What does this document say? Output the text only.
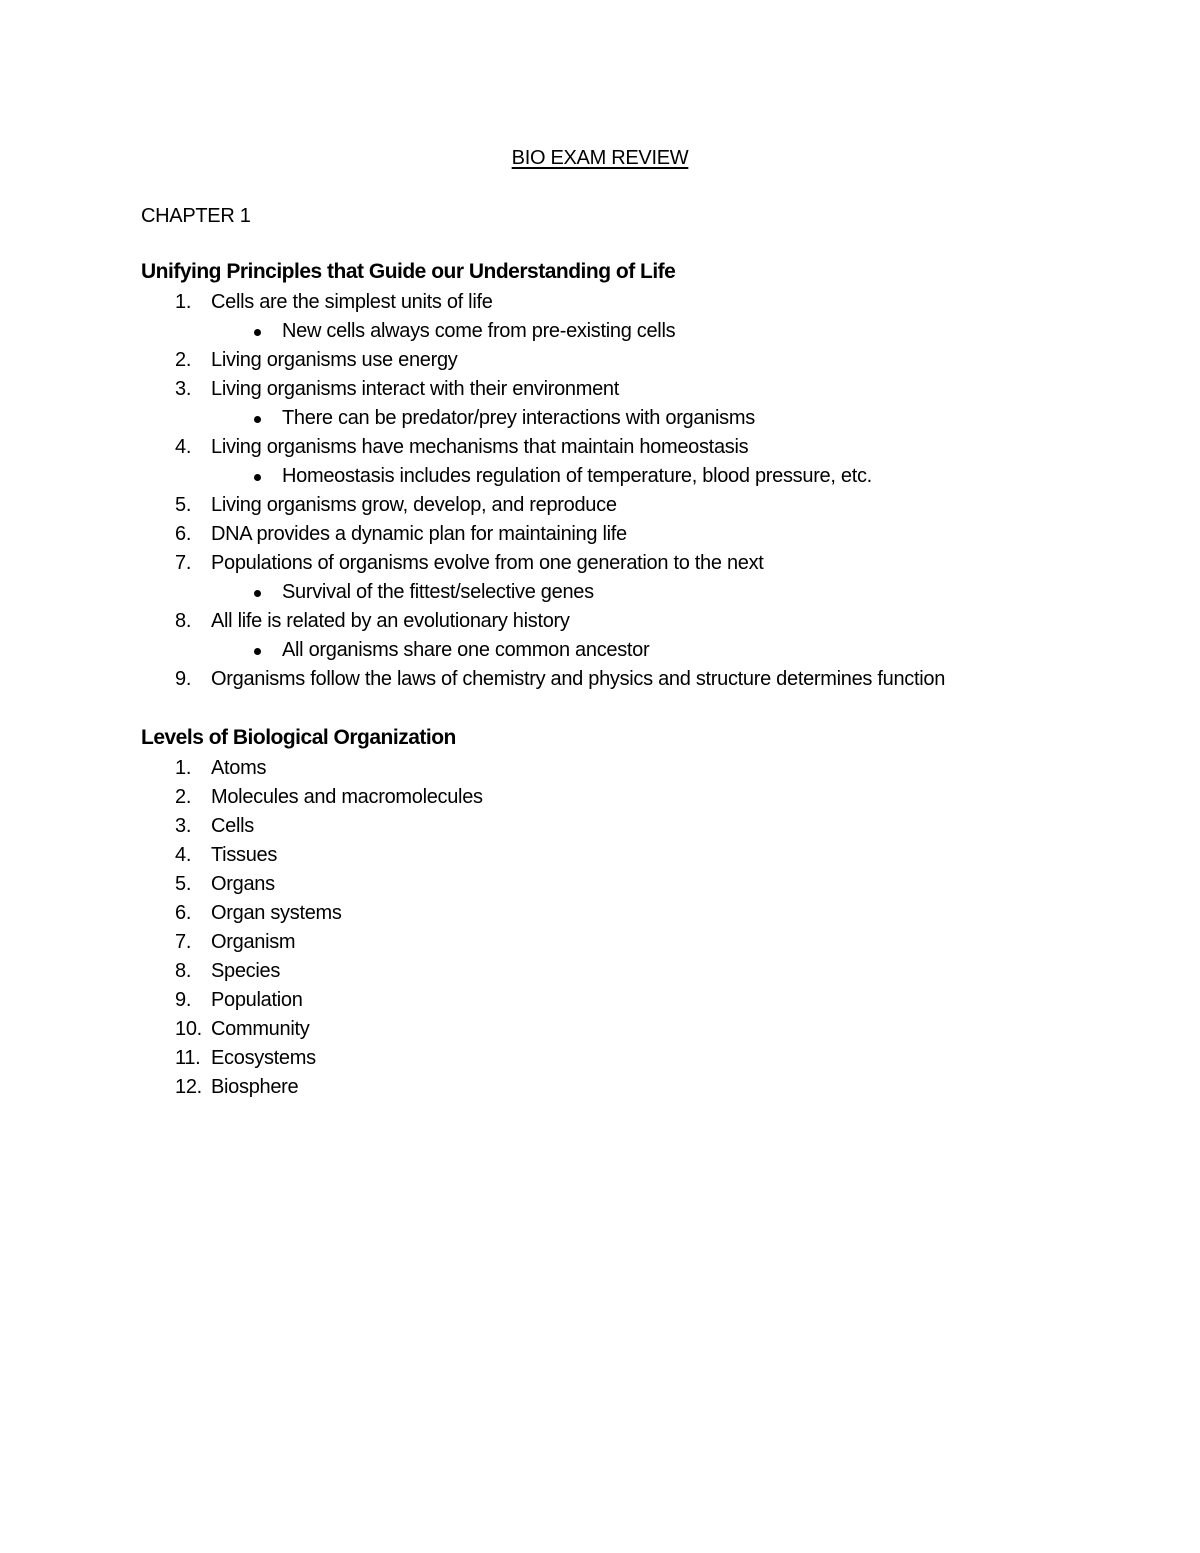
BIO EXAM REVIEW
CHAPTER 1
Unifying Principles that Guide our Understanding of Life
1. Cells are the simplest units of life
New cells always come from pre-existing cells
2. Living organisms use energy
3. Living organisms interact with their environment
There can be predator/prey interactions with organisms
4. Living organisms have mechanisms that maintain homeostasis
Homeostasis includes regulation of temperature, blood pressure, etc.
5. Living organisms grow, develop, and reproduce
6. DNA provides a dynamic plan for maintaining life
7. Populations of organisms evolve from one generation to the next
Survival of the fittest/selective genes
8. All life is related by an evolutionary history
All organisms share one common ancestor
9. Organisms follow the laws of chemistry and physics and structure determines function
Levels of Biological Organization
1. Atoms
2. Molecules and macromolecules
3. Cells
4. Tissues
5. Organs
6. Organ systems
7. Organism
8. Species
9. Population
10. Community
11. Ecosystems
12. Biosphere
